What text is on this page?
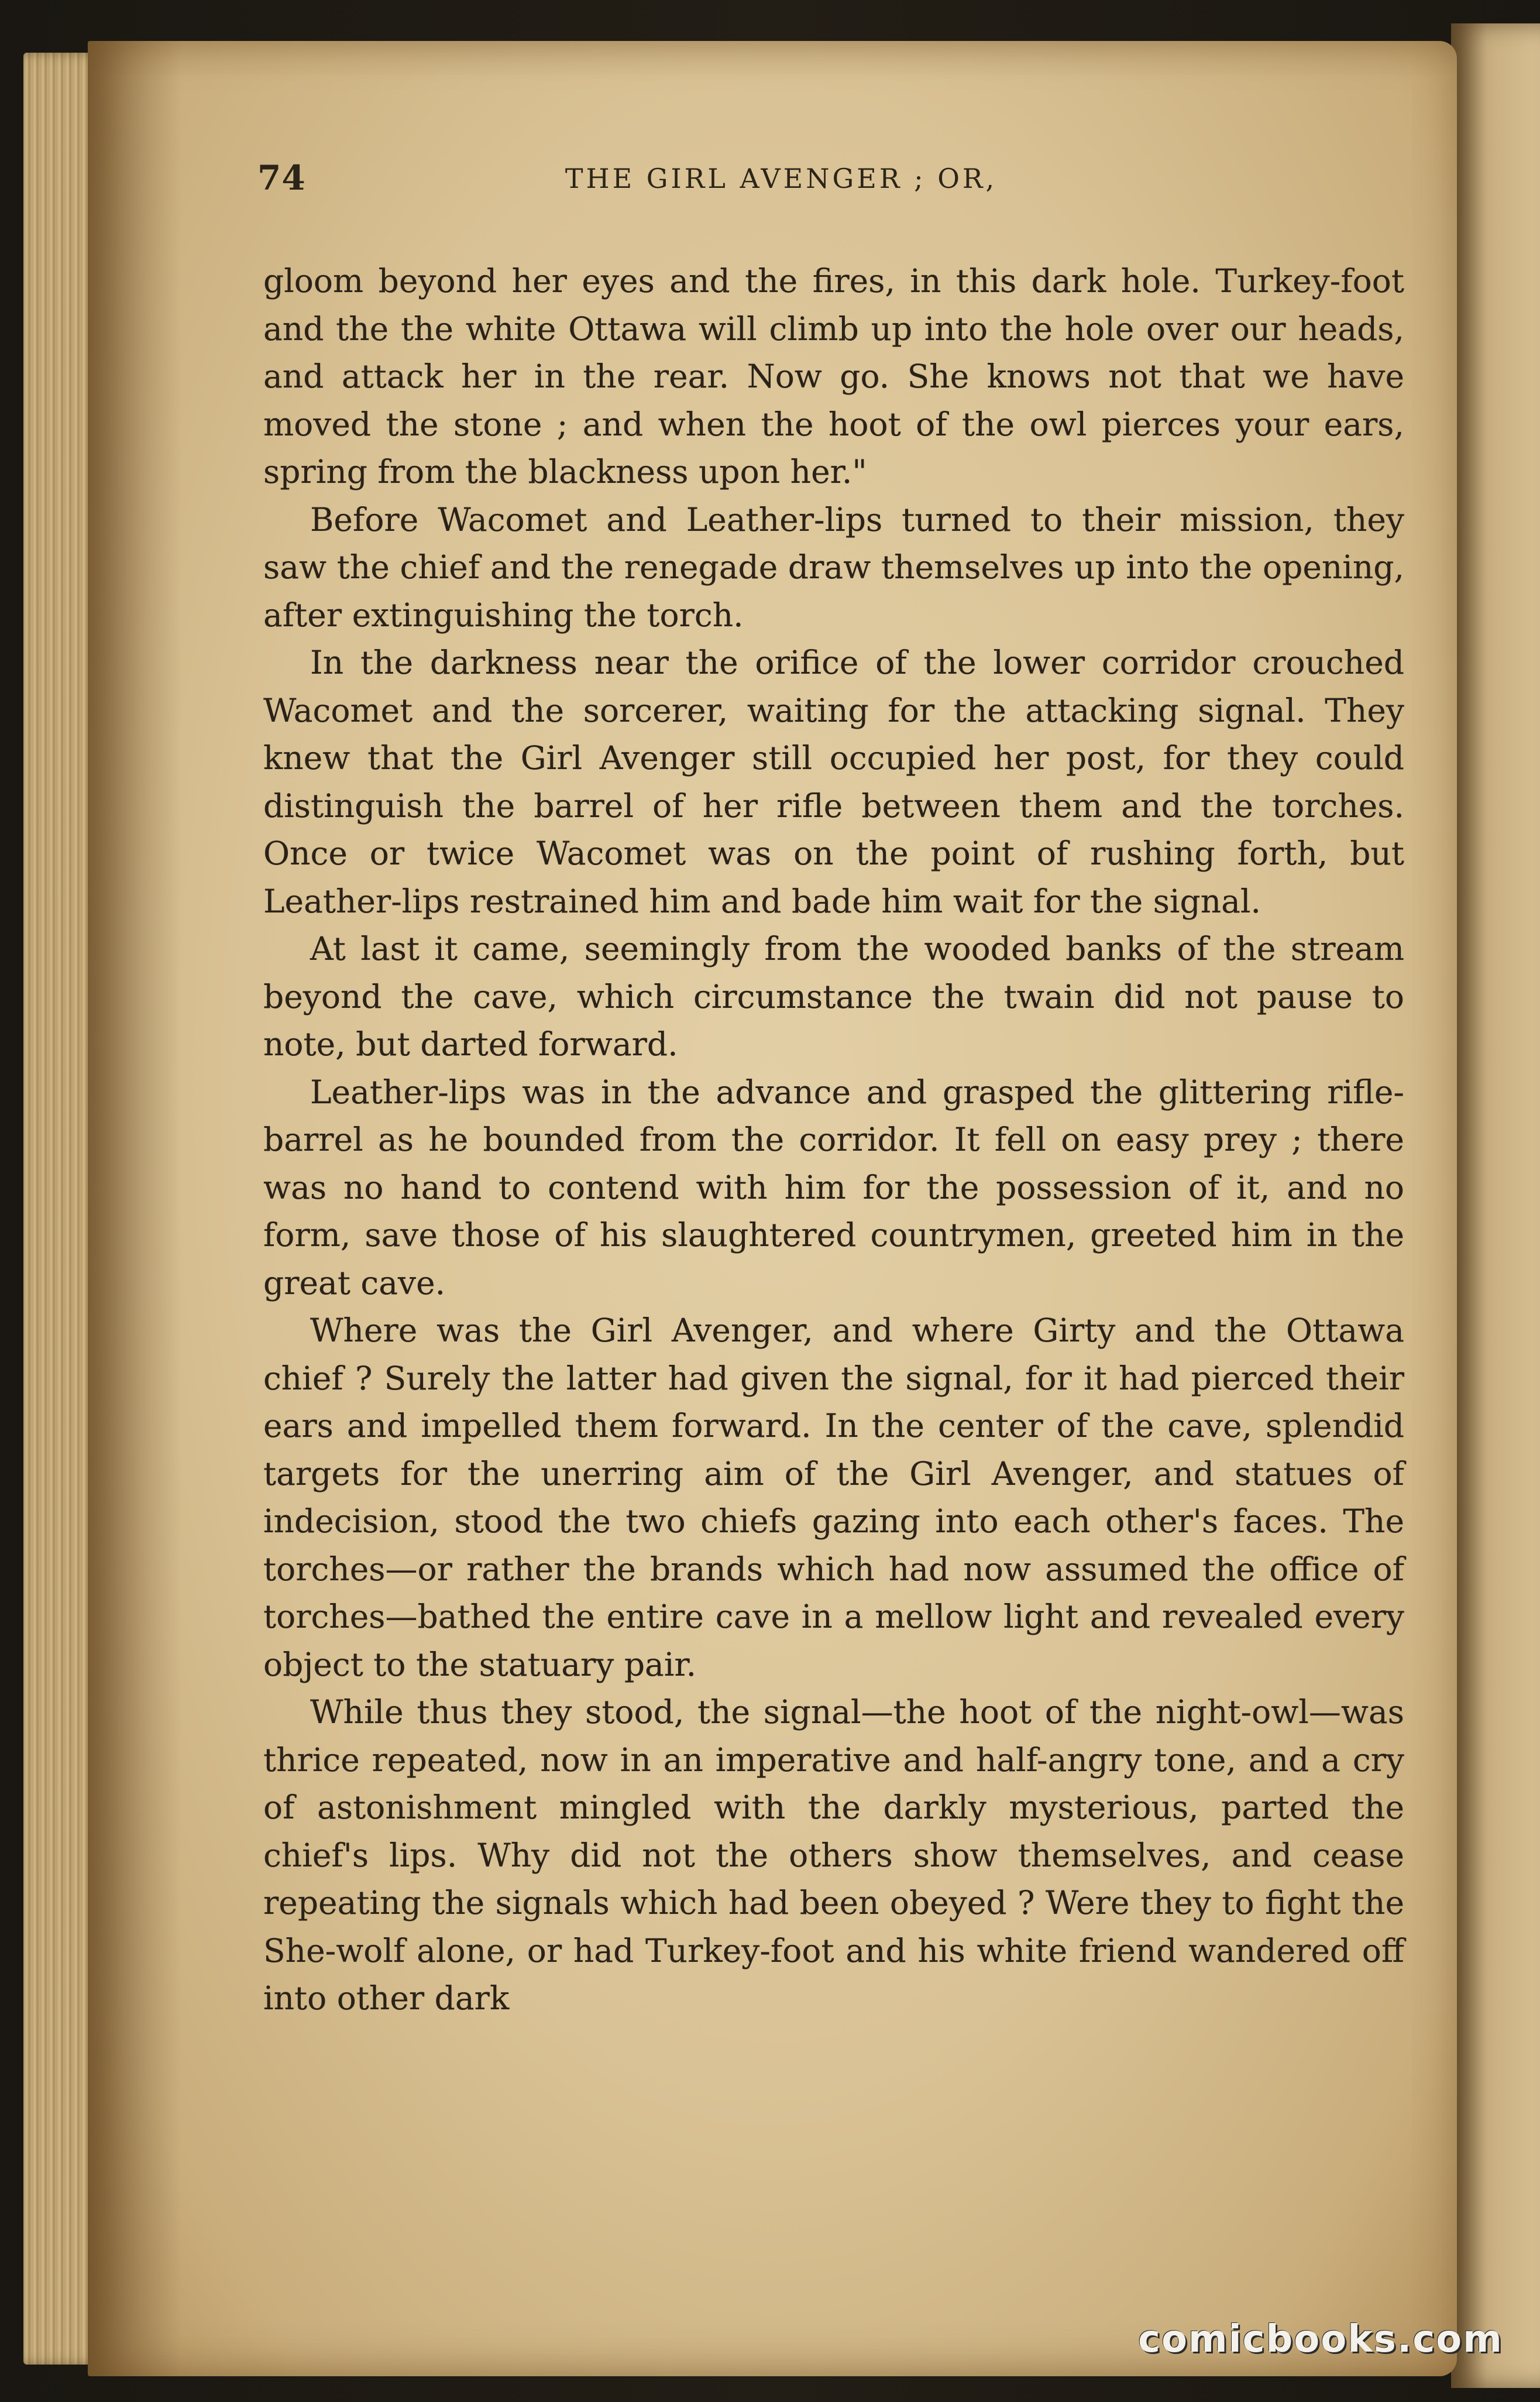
74	THE GIRL AVENGER ; OR,

gloom beyond her eyes and the fires, in this dark hole. Turkey-foot and the the white Ottawa will climb up into the hole over our heads, and attack her in the rear. Now go. She knows not that we have moved the stone ; and when the hoot of the owl pierces your ears, spring from the blackness upon her."

Before Wacomet and Leather-lips turned to their mission, they saw the chief and the renegade draw themselves up into the opening, after extinguishing the torch.

In the darkness near the orifice of the lower corridor crouched Wacomet and the sorcerer, waiting for the attacking signal. They knew that the Girl Avenger still occupied her post, for they could distinguish the barrel of her rifle between them and the torches. Once or twice Wacomet was on the point of rushing forth, but Leather-lips restrained him and bade him wait for the signal.

At last it came, seemingly from the wooded banks of the stream beyond the cave, which circumstance the twain did not pause to note, but darted forward.

Leather-lips was in the advance and grasped the glittering rifle-barrel as he bounded from the corridor. It fell on easy prey ; there was no hand to contend with him for the possession of it, and no form, save those of his slaughtered countrymen, greeted him in the great cave.

Where was the Girl Avenger, and where Girty and the Ottawa chief ? Surely the latter had given the signal, for it had pierced their ears and impelled them forward. In the center of the cave, splendid targets for the unerring aim of the Girl Avenger, and statues of indecision, stood the two chiefs gazing into each other's faces. The torches—or rather the brands which had now assumed the office of torches—bathed the entire cave in a mellow light and revealed every object to the statuary pair.

While thus they stood, the signal—the hoot of the night-owl—was thrice repeated, now in an imperative and half-angry tone, and a cry of astonishment mingled with the darkly mysterious, parted the chief's lips. Why did not the others show themselves, and cease repeating the signals which had been obeyed ? Were they to fight the She-wolf alone, or had Turkey-foot and his white friend wandered off into other dark

comicbooks.com
